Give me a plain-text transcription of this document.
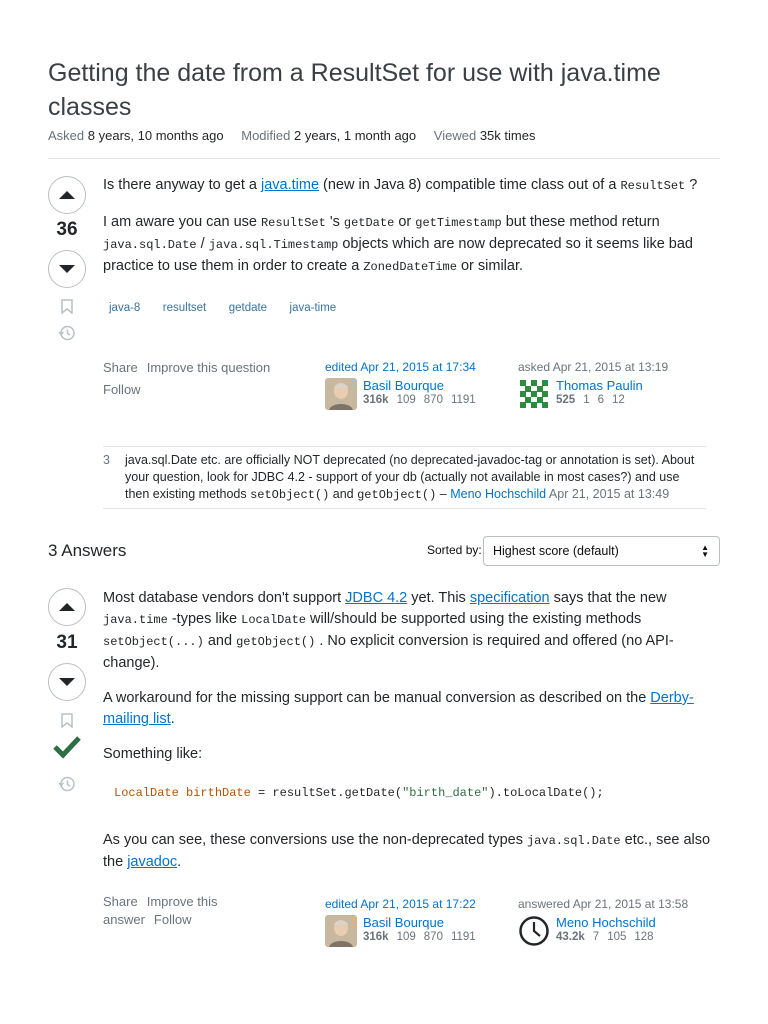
Getting the date from a ResultSet for use with java.time classes
Asked 8 years, 10 months ago Modified 2 years, 1 month ago Viewed 35k times
36

Is there anyway to get a java.time (new in Java 8) compatible time class out of a ResultSet ?

I am aware you can use ResultSet 's getDate or getTimestamp but these method return java.sql.Date / java.sql.Timestamp objects which are now deprecated so it seems like bad practice to use them in order to create a ZonedDateTime or similar.

java-8 resultset getdate java-time
Share Improve this question
Follow
edited Apr 21, 2015 at 17:34
Basil Bourque
316k 109 870 1191
asked Apr 21, 2015 at 13:19
Thomas Paulin
525 1 6 12
3 java.sql.Date etc. are officially NOT deprecated (no deprecated-javadoc-tag or annotation is set). About your question, look for JDBC 4.2 - support of your db (actually not available in most cases?) and use then existing methods setObject() and getObject() – Meno Hochschild Apr 21, 2015 at 13:49
3 Answers	Sorted by: Highest score (default)	▲
▼
31

Most database vendors don't support JDBC 4.2 yet. This specification says that the new java.time -types like LocalDate will/should be supported using the existing methods setObject(...) and getObject() . No explicit conversion is required and offered (no API-change).

A workaround for the missing support can be manual conversion as described on the Derby-mailing list.

Something like:

LocalDate birthDate = resultSet.getDate("birth_date").toLocalDate();

As you can see, these conversions use the non-deprecated types java.sql.Date etc., see also the javadoc.

Share Improve this answer Follow
edited Apr 21, 2015 at 17:22
Basil Bourque
316k 109 870 1191
answered Apr 21, 2015 at 13:58
Meno Hochschild
43.2k 7 105 128
